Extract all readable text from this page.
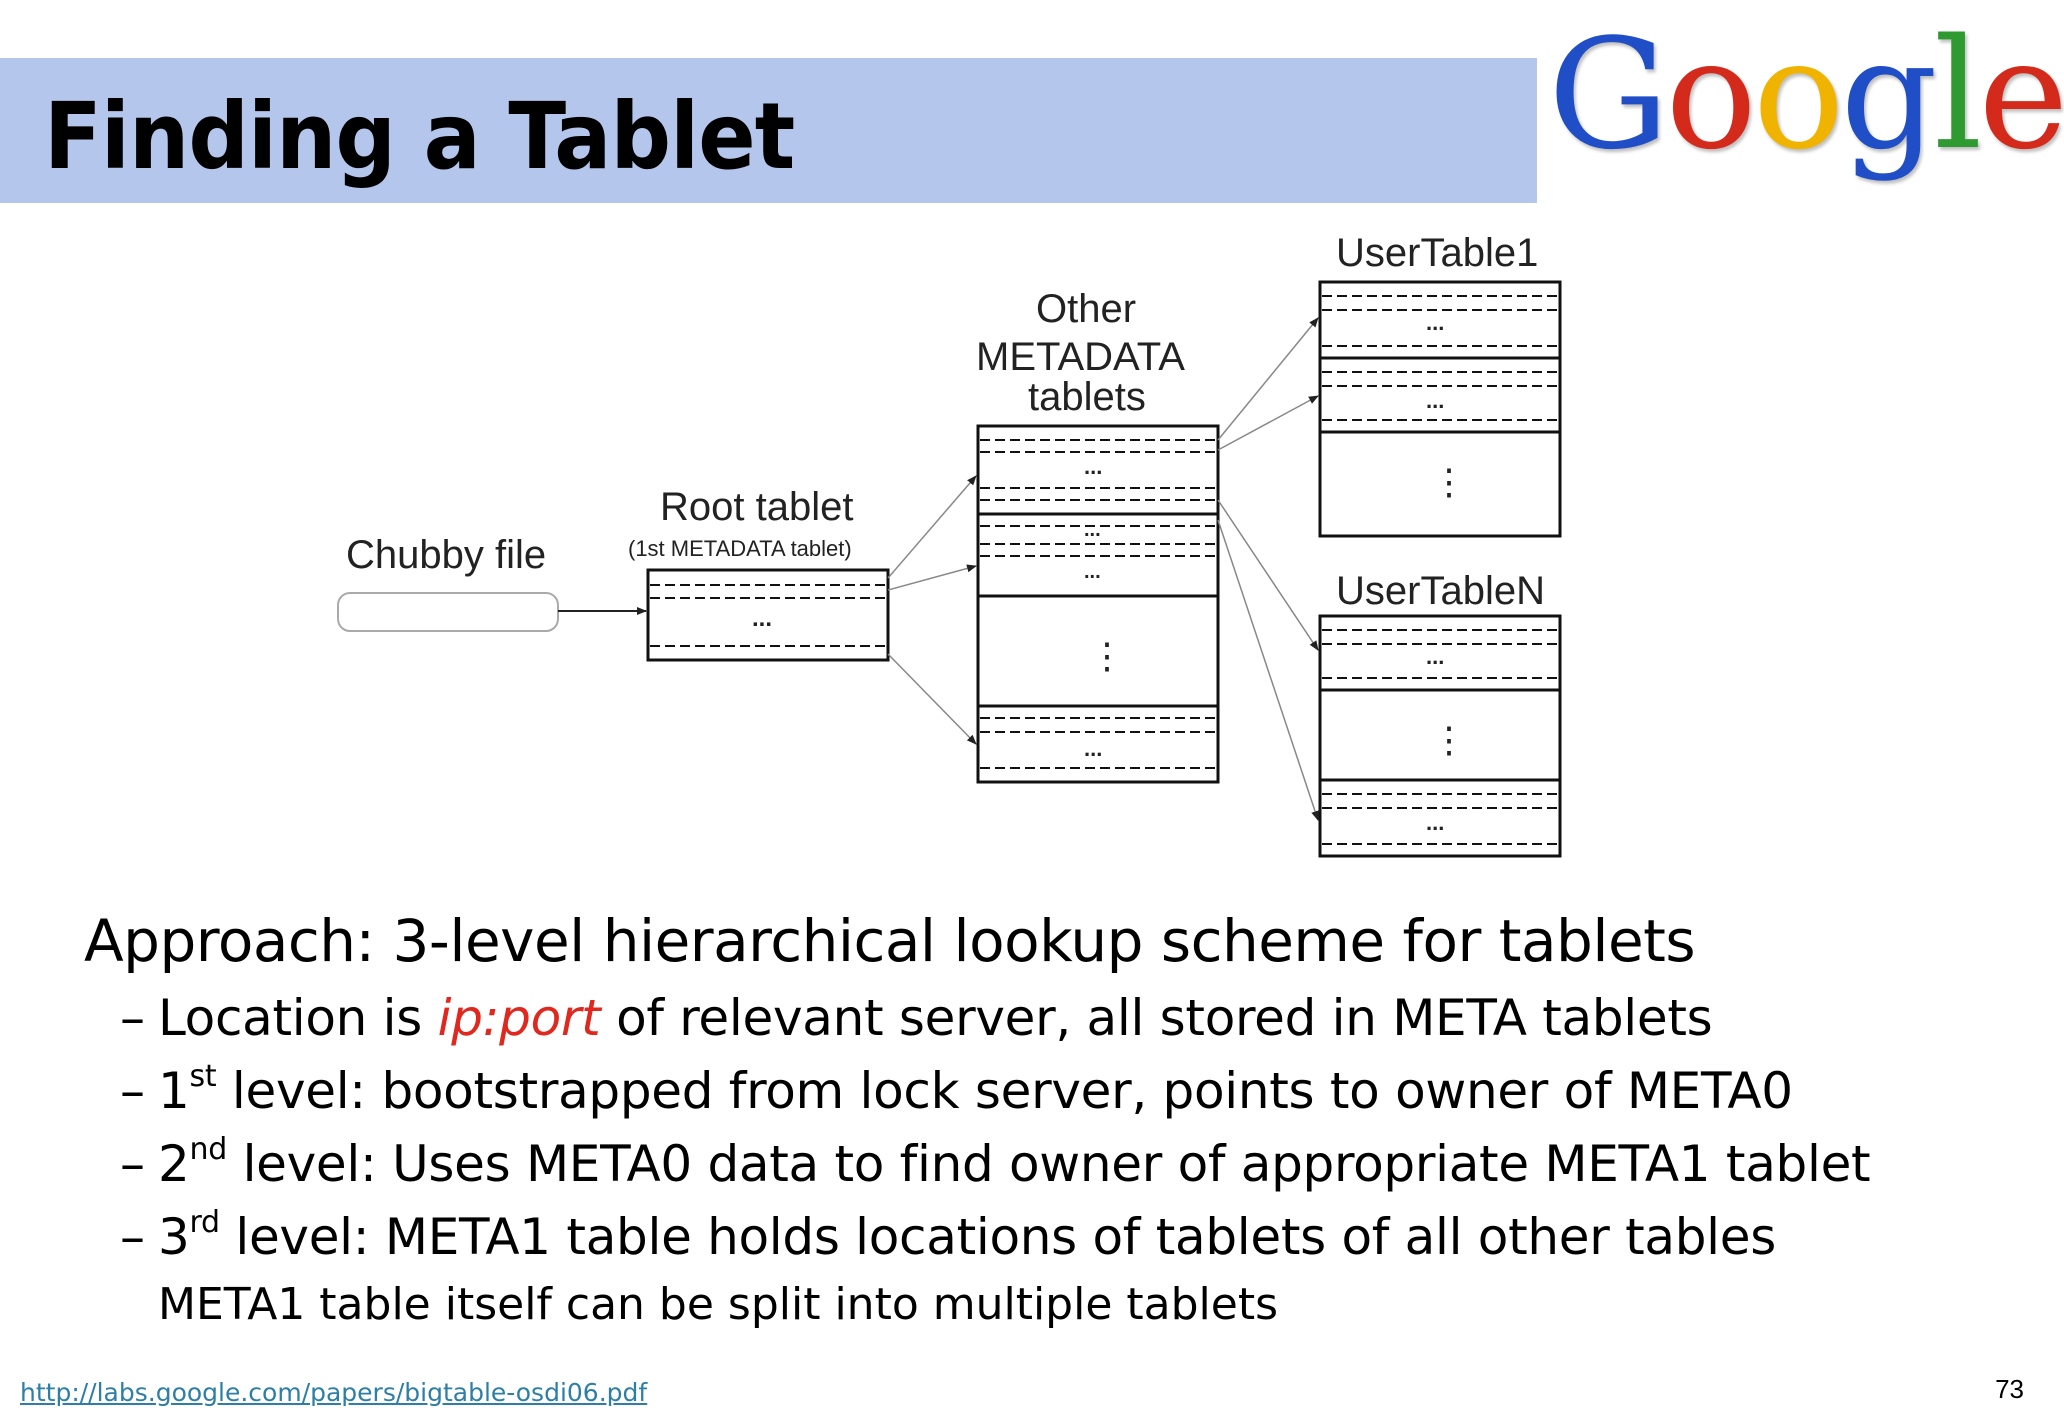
Finding a Tablet	Google
Chubby file
Root tablet
(1st METADATA tablet)
...
Other
METADATA
tablets
...
...
...
⋮
...
UserTable1
...
...
⋮
UserTableN
...
⋮
...

Approach: 3-level hierarchical lookup scheme for tablets

– Location is ip:port of relevant server, all stored in META tablets

– 1st level: bootstrapped from lock server, points to owner of META0

– 2nd level: Uses META0 data to find owner of appropriate META1 tablet

– 3rd level: META1 table holds locations of tablets of all other tables

META1 table itself can be split into multiple tablets

http://labs.google.com/papers/bigtable-osdi06.pdf	73
